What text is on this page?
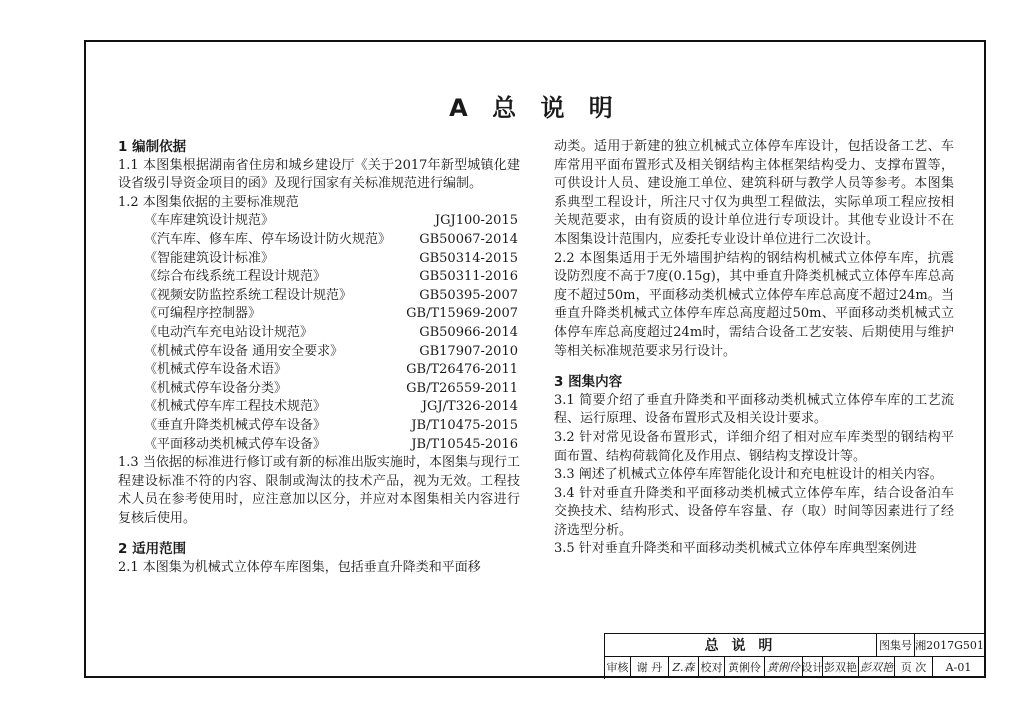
A 总 说 明

1 编制依据

1.1 本图集根据湖南省住房和城乡建设厅《关于2017年新型城镇化建设省级引导资金项目的函》及现行国家有关标准规范进行编制。

1.2 本图集依据的主要标准规范

《车库建筑设计规范》	JGJ100-2015
《汽车库、修车库、停车场设计防火规范》 GB50067-2014
《智能建筑设计标准》	GB50314-2015
《综合布线系统工程设计规范》	GB50311-2016
《视频安防监控系统工程设计规范》	GB50395-2007
《可编程序控制器》	GB/T15969-2007
《电动汽车充电站设计规范》	GB50966-2014
《机械式停车设备 通用安全要求》	GB17907-2010
《机械式停车设备术语》	GB/T26476-2011
《机械式停车设备分类》	GB/T26559-2011
《机械式停车库工程技术规范》	JGJ/T326-2014
《垂直升降类机械式停车设备》	JB/T10475-2015
《平面移动类机械式停车设备》	JB/T10545-2016

1.3 当依据的标准进行修订或有新的标准出版实施时，本图集与现行工程建设标准不符的内容、限制或淘汰的技术产品，视为无效。工程技术人员在参考使用时，应注意加以区分，并应对本图集相关内容进行复核后使用。

2 适用范围

2.1 本图集为机械式立体停车库图集，包括垂直升降类和平面移

动类。适用于新建的独立机械式立体停车库设计，包括设备工艺、车库常用平面布置形式及相关钢结构主体框架结构受力、支撑布置等，可供设计人员、建设施工单位、建筑科研与教学人员等参考。本图集系典型工程设计，所注尺寸仅为典型工程做法，实际单项工程应按相关规范要求，由有资质的设计单位进行专项设计。其他专业设计不在本图集设计范围内，应委托专业设计单位进行二次设计。

2.2 本图集适用于无外墙围护结构的钢结构机械式立体停车库，抗震设防烈度不高于7度(0.15g)，其中垂直升降类机械式立体停车库总高度不超过50m，平面移动类机械式立体停车库总高度不超过24m。当垂直升降类机械式立体停车库总高度超过50m、平面移动类机械式立体停车库总高度超过24m时，需结合设备工艺安装、后期使用与维护等相关标准规范要求另行设计。

3 图集内容

3.1 简要介绍了垂直升降类和平面移动类机械式立体停车库的工艺流程、运行原理、设备布置形式及相关设计要求。

3.2 针对常见设备布置形式，详细介绍了相对应车库类型的钢结构平面布置、结构荷载简化及作用点、钢结构支撑设计等。

3.3 阐述了机械式立体停车库智能化设计和充电桩设计的相关内容。

3.4 针对垂直升降类和平面移动类机械式立体停车库，结合设备泊车交换技术、结构形式、设备停车容量、存（取）时间等因素进行了经济选型分析。

3.5 针对垂直升降类和平面移动类机械式立体停车库典型案例进

总 说 明	图集号 湘2017G501
审核 谢 丹 Z.森 校对 黄俐伶 黄俐伶 设计 彭双艳 彭双艳 页 次	A-01
